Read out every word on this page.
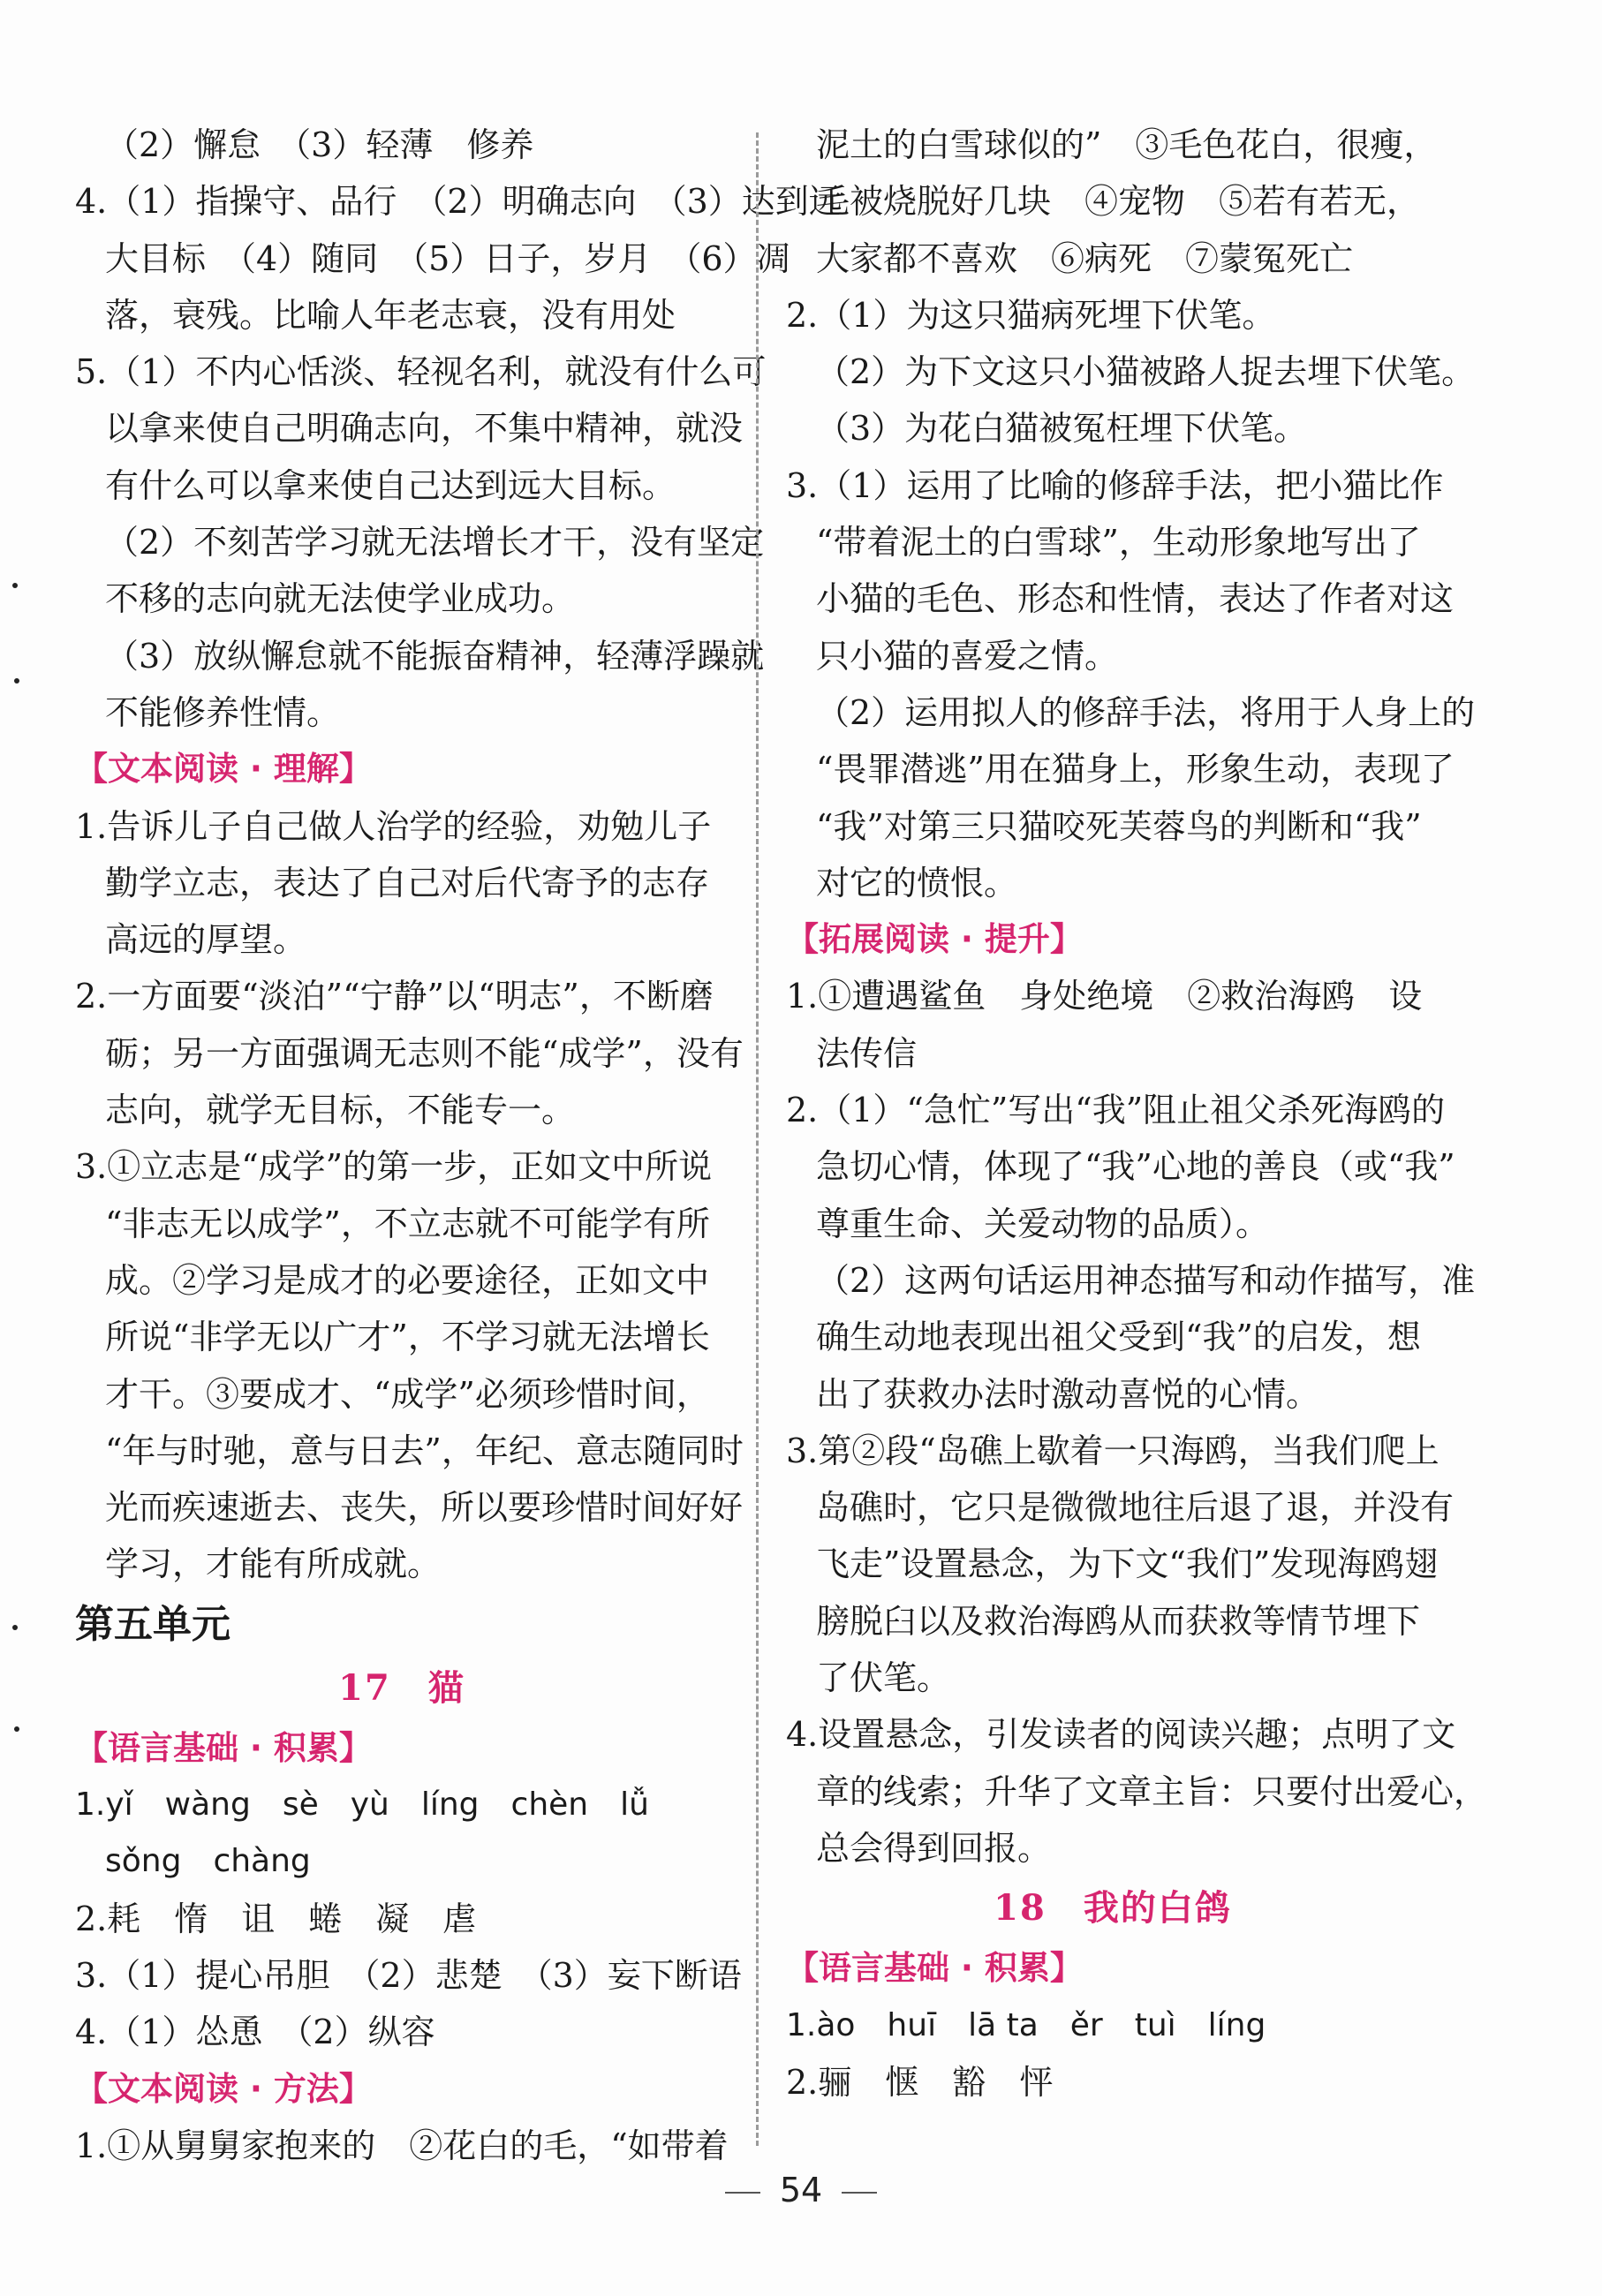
（2）懈怠　（3）轻薄　修养
4.（1）指操守、品行　（2）明确志向　（3）达到远
大目标　（4）随同　（5）日子，岁月　（6）凋
落，衰残。比喻人年老志衰，没有用处
5.（1）不内心恬淡、轻视名利，就没有什么可
以拿来使自己明确志向，不集中精神，就没
有什么可以拿来使自己达到远大目标。
（2）不刻苦学习就无法增长才干，没有坚定
不移的志向就无法使学业成功。
（3）放纵懈怠就不能振奋精神，轻薄浮躁就
不能修养性情。
【文本阅读 · 理解】
1.告诉儿子自己做人治学的经验，劝勉儿子
勤学立志，表达了自己对后代寄予的志存
高远的厚望。
2.一方面要“淡泊”“宁静”以“明志”，不断磨
砺；另一方面强调无志则不能“成学”，没有
志向，就学无目标，不能专一。
3.①立志是“成学”的第一步，正如文中所说
“非志无以成学”，不立志就不可能学有所
成。②学习是成才的必要途径，正如文中
所说“非学无以广才”，不学习就无法增长
才干。③要成才、“成学”必须珍惜时间，
“年与时驰，意与日去”，年纪、意志随同时
光而疾速逝去、丧失，所以要珍惜时间好好
学习，才能有所成就。
第五单元
17　猫
【语言基础 · 积累】
1.yǐ　wàng　sè　yù　líng　chèn　lǚ
sǒng　chàng
2.耗　惰　诅　蜷　凝　虐
3.（1）提心吊胆　（2）悲楚　（3）妄下断语
4.（1）怂恿　（2）纵容
【文本阅读 · 方法】
1.①从舅舅家抱来的　②花白的毛，“如带着
泥土的白雪球似的”　③毛色花白，很瘦，
毛被烧脱好几块　④宠物　⑤若有若无，
大家都不喜欢　⑥病死　⑦蒙冤死亡
2.（1）为这只猫病死埋下伏笔。
（2）为下文这只小猫被路人捉去埋下伏笔。
（3）为花白猫被冤枉埋下伏笔。
3.（1）运用了比喻的修辞手法，把小猫比作
“带着泥土的白雪球”，生动形象地写出了
小猫的毛色、形态和性情，表达了作者对这
只小猫的喜爱之情。
（2）运用拟人的修辞手法，将用于人身上的
“畏罪潜逃”用在猫身上，形象生动，表现了
“我”对第三只猫咬死芙蓉鸟的判断和“我”
对它的愤恨。
【拓展阅读 · 提升】
1.①遭遇鲨鱼　身处绝境　②救治海鸥　设
法传信
2.（1）“急忙”写出“我”阻止祖父杀死海鸥的
急切心情，体现了“我”心地的善良（或“我”
尊重生命、关爱动物的品质）。
（2）这两句话运用神态描写和动作描写，准
确生动地表现出祖父受到“我”的启发，想
出了获救办法时激动喜悦的心情。
3.第②段“岛礁上歇着一只海鸥，当我们爬上
岛礁时，它只是微微地往后退了退，并没有
飞走”设置悬念，为下文“我们”发现海鸥翅
膀脱臼以及救治海鸥从而获救等情节埋下
了伏笔。
4.设置悬念，引发读者的阅读兴趣；点明了文
章的线索；升华了文章主旨：只要付出爱心，
总会得到回报。
18　我的白鸽
【语言基础 · 积累】
1.ào　huī　lā ta　ěr　tuì　líng
2.骊　惬　豁　怦
54
